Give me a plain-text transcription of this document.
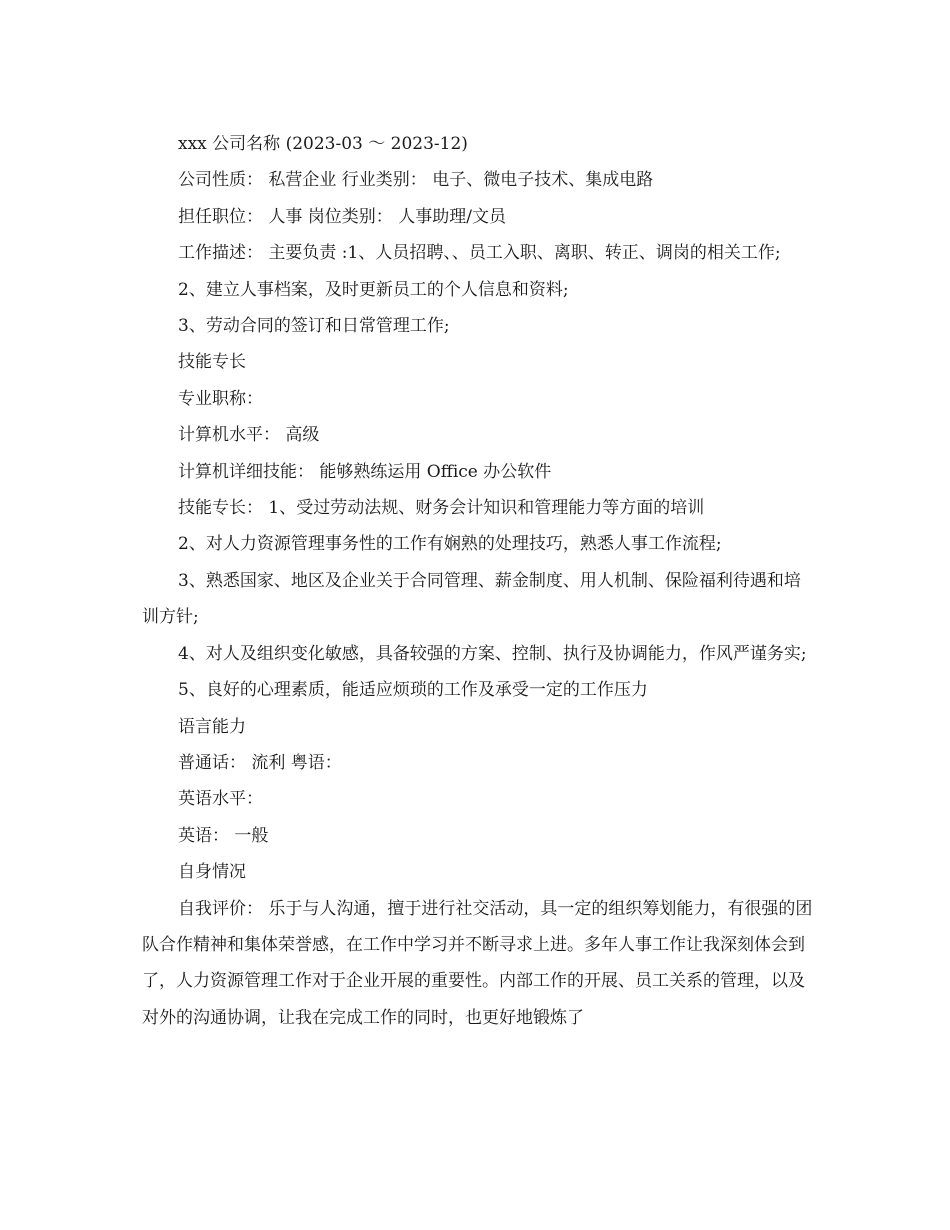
xxx 公司名称 (2023-03 ～ 2023-12)

公司性质： 私营企业 行业类别： 电子、微电子技术、集成电路

担任职位： 人事 岗位类别： 人事助理/文员

工作描述： 主要负责 :1、人员招聘、、员工入职、离职、转正、调岗的相关工作;

2、建立人事档案，及时更新员工的个人信息和资料;

3、劳动合同的签订和日常管理工作;

技能专长

专业职称：

计算机水平： 高级

计算机详细技能： 能够熟练运用 Office 办公软件

技能专长： 1、受过劳动法规、财务会计知识和管理能力等方面的培训

2、对人力资源管理事务性的工作有娴熟的处理技巧，熟悉人事工作流程;

3、熟悉国家、地区及企业关于合同管理、薪金制度、用人机制、保险福利待遇和培训方针;

4、对人及组织变化敏感，具备较强的方案、控制、执行及协调能力，作风严谨务实;

5、良好的心理素质，能适应烦琐的工作及承受一定的工作压力

语言能力

普通话： 流利 粤语：

英语水平：

英语： 一般

自身情况

自我评价： 乐于与人沟通，擅于进行社交活动，具一定的组织筹划能力，有很强的团队合作精神和集体荣誉感，在工作中学习并不断寻求上进。多年人事工作让我深刻体会到了，人力资源管理工作对于企业开展的重要性。内部工作的开展、员工关系的管理，以及对外的沟通协调，让我在完成工作的同时，也更好地锻炼了
